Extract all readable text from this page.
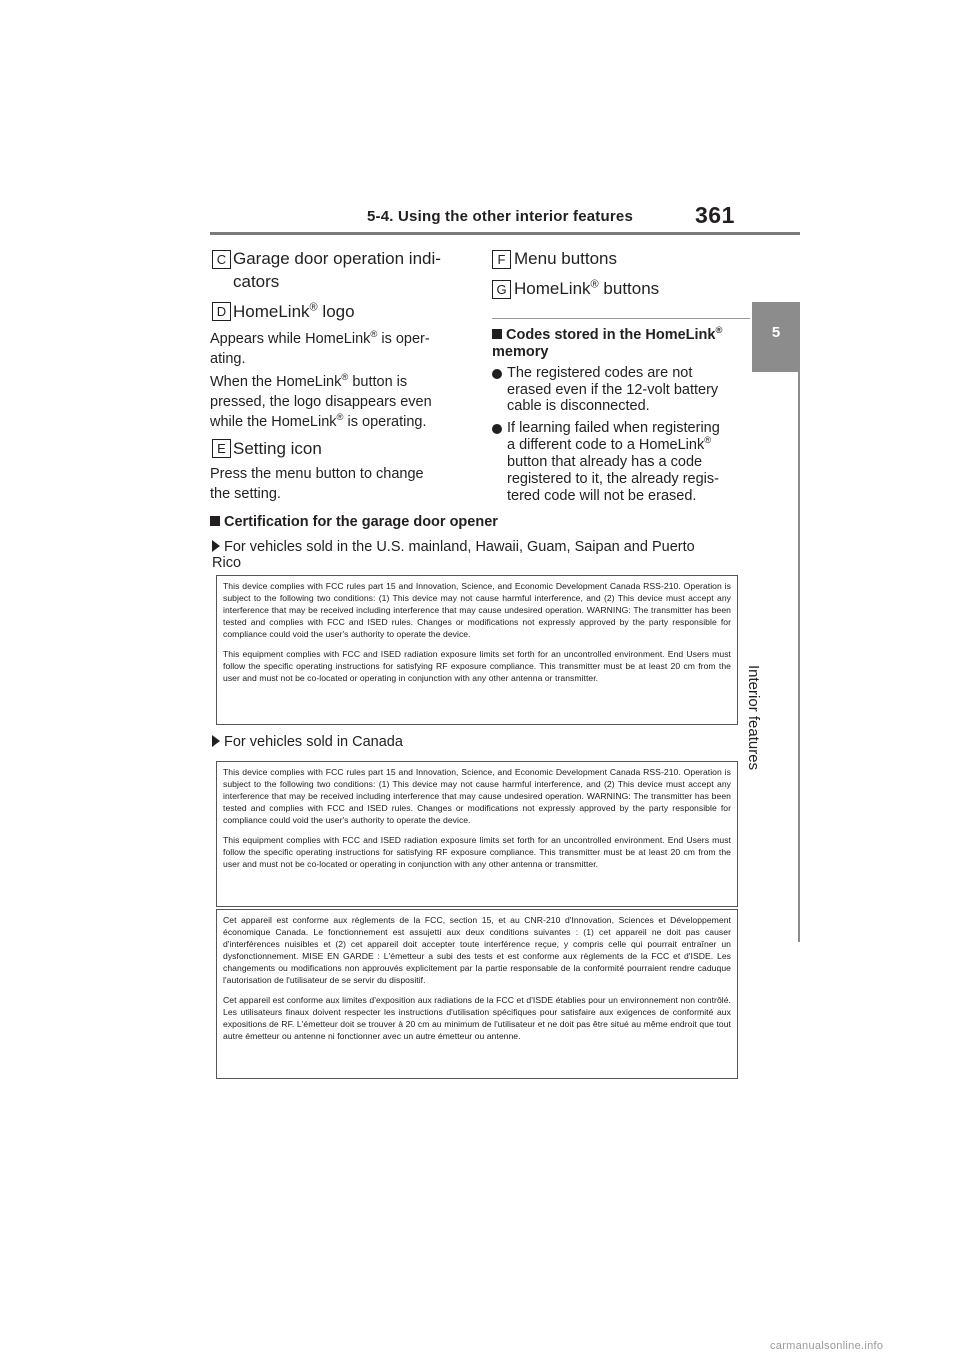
5-4. Using the other interior features	361
5
Interior features
C Garage door operation indi-
cators
D HomeLink® logo
Appears while HomeLink® is oper-
ating.
When the HomeLink® button is
pressed, the logo disappears even
while the HomeLink® is operating.
E Setting icon
Press the menu button to change
the setting.
F Menu buttons
G HomeLink® buttons
Codes stored in the HomeLink®
memory
The registered codes are not
erased even if the 12-volt battery
cable is disconnected.
If learning failed when registering
a different code to a HomeLink®
button that already has a code
registered to it, the already regis-
tered code will not be erased.
Certification for the garage door opener
For vehicles sold in the U.S. mainland, Hawaii, Guam, Saipan and Puerto
Rico

This device complies with FCC rules part 15 and Innovation, Science, and Economic Development Canada RSS-210. Operation is subject to the following two conditions: (1) This device may not cause harmful interference, and (2) This device must accept any interference that may be received including interference that may cause undesired operation. WARNING: The transmitter has been tested and complies with FCC and ISED rules. Changes or modifications not expressly approved by the party responsible for compliance could void the user's authority to operate the device.

This equipment complies with FCC and ISED radiation exposure limits set forth for an uncontrolled environment. End Users must follow the specific operating instructions for satisfying RF exposure compliance. This transmitter must be at least 20 cm from the user and must not be co-located or operating in conjunction with any other antenna or transmitter.

For vehicles sold in Canada

This device complies with FCC rules part 15 and Innovation, Science, and Economic Development Canada RSS-210. Operation is subject to the following two conditions: (1) This device may not cause harmful interference, and (2) This device must accept any interference that may be received including interference that may cause undesired operation. WARNING: The transmitter has been tested and complies with FCC and ISED rules. Changes or modifications not expressly approved by the party responsible for compliance could void the user's authority to operate the device.

This equipment complies with FCC and ISED radiation exposure limits set forth for an uncontrolled environment. End Users must follow the specific operating instructions for satisfying RF exposure compliance. This transmitter must be at least 20 cm from the user and must not be co-located or operating in conjunction with any other antenna or transmitter.

Cet appareil est conforme aux règlements de la FCC, section 15, et au CNR-210 d'Innovation, Sciences et Développement économique Canada. Le fonctionnement est assujetti aux deux conditions suivantes : (1) cet appareil ne doit pas causer d'interférences nuisibles et (2) cet appareil doit accepter toute interférence reçue, y compris celle qui pourrait entraîner un dysfonctionnement. MISE EN GARDE : L'émetteur a subi des tests et est conforme aux règlements de la FCC et d'ISDE. Les changements ou modifications non approuvés explicitement par la partie responsable de la conformité pourraient rendre caduque l'autorisation de l'utilisateur de se servir du dispositif.

Cet appareil est conforme aux limites d'exposition aux radiations de la FCC et d'ISDE établies pour un environnement non contrôlé. Les utilisateurs finaux doivent respecter les instructions d'utilisation spécifiques pour satisfaire aux exigences de conformité aux expositions de RF. L'émetteur doit se trouver à 20 cm au minimum de l'utilisateur et ne doit pas être situé au même endroit que tout autre émetteur ou antenne ni fonctionner avec un autre émetteur ou antenne.

carmanualsonline.info
